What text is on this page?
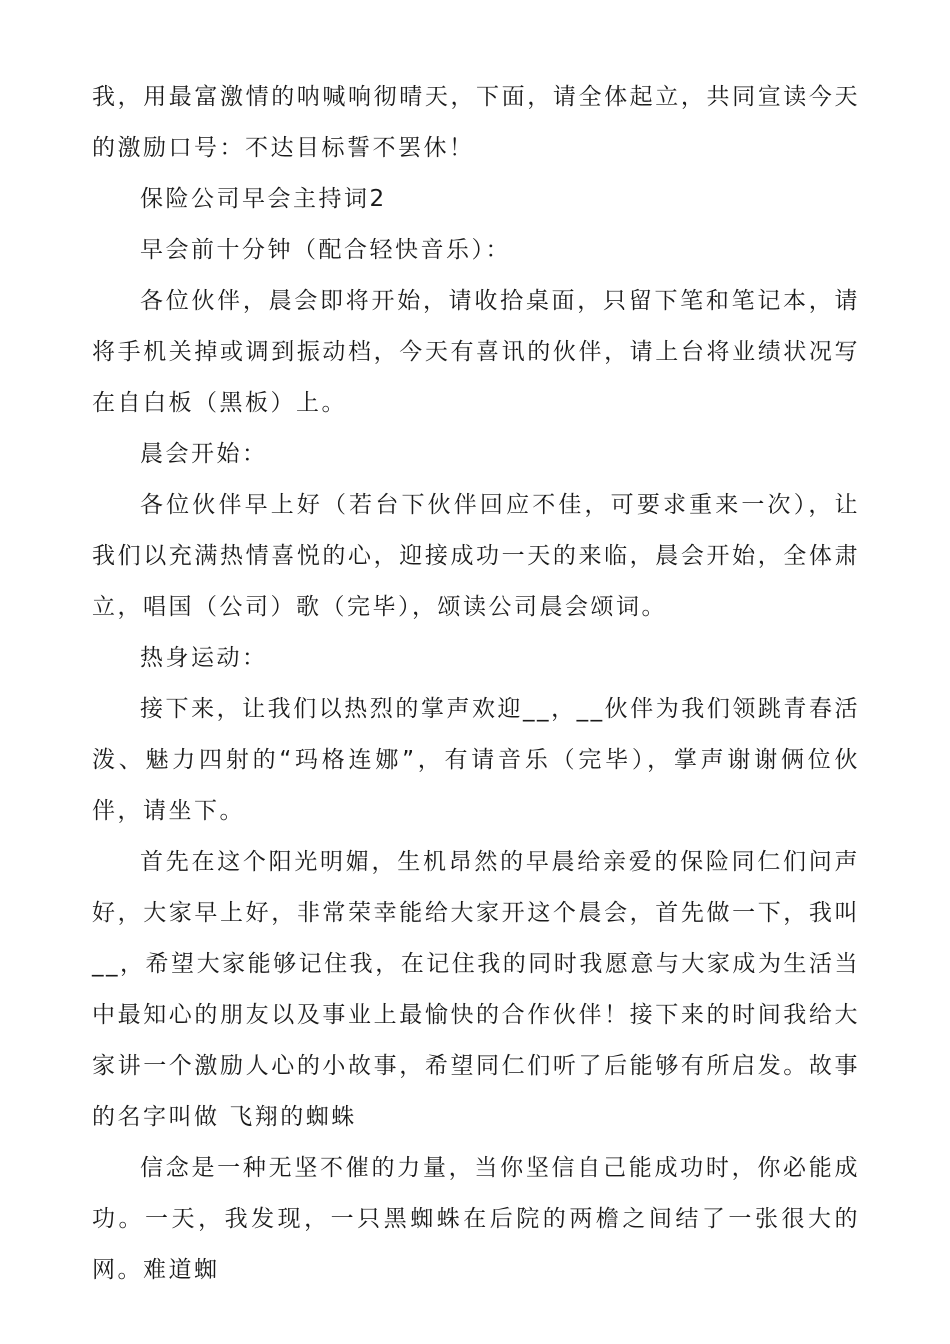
我，用最富激情的呐喊响彻晴天，下面，请全体起立，共同宣读今天的激励口号：不达目标誓不罢休！

保险公司早会主持词2

早会前十分钟（配合轻快音乐）：

各位伙伴，晨会即将开始，请收拾桌面，只留下笔和笔记本，请将手机关掉或调到振动档，今天有喜讯的伙伴，请上台将业绩状况写在自白板（黑板）上。

晨会开始：

各位伙伴早上好（若台下伙伴回应不佳，可要求重来一次），让我们以充满热情喜悦的心，迎接成功一天的来临，晨会开始，全体肃立，唱国（公司）歌（完毕），颂读公司晨会颂词。

热身运动：

接下来，让我们以热烈的掌声欢迎__，__伙伴为我们领跳青春活泼、魅力四射的“玛格连娜”，有请音乐（完毕），掌声谢谢俩位伙伴，请坐下。

首先在这个阳光明媚，生机昂然的早晨给亲爱的保险同仁们问声好，大家早上好，非常荣幸能给大家开这个晨会，首先做一下，我叫__，希望大家能够记住我，在记住我的同时我愿意与大家成为生活当中最知心的朋友以及事业上最愉快的合作伙伴！接下来的时间我给大家讲一个激励人心的小故事，希望同仁们听了后能够有所启发。故事的名字叫做 飞翔的蜘蛛

信念是一种无坚不催的力量，当你坚信自己能成功时，你必能成功。一天，我发现，一只黑蜘蛛在后院的两檐之间结了一张很大的网。难道蜘
